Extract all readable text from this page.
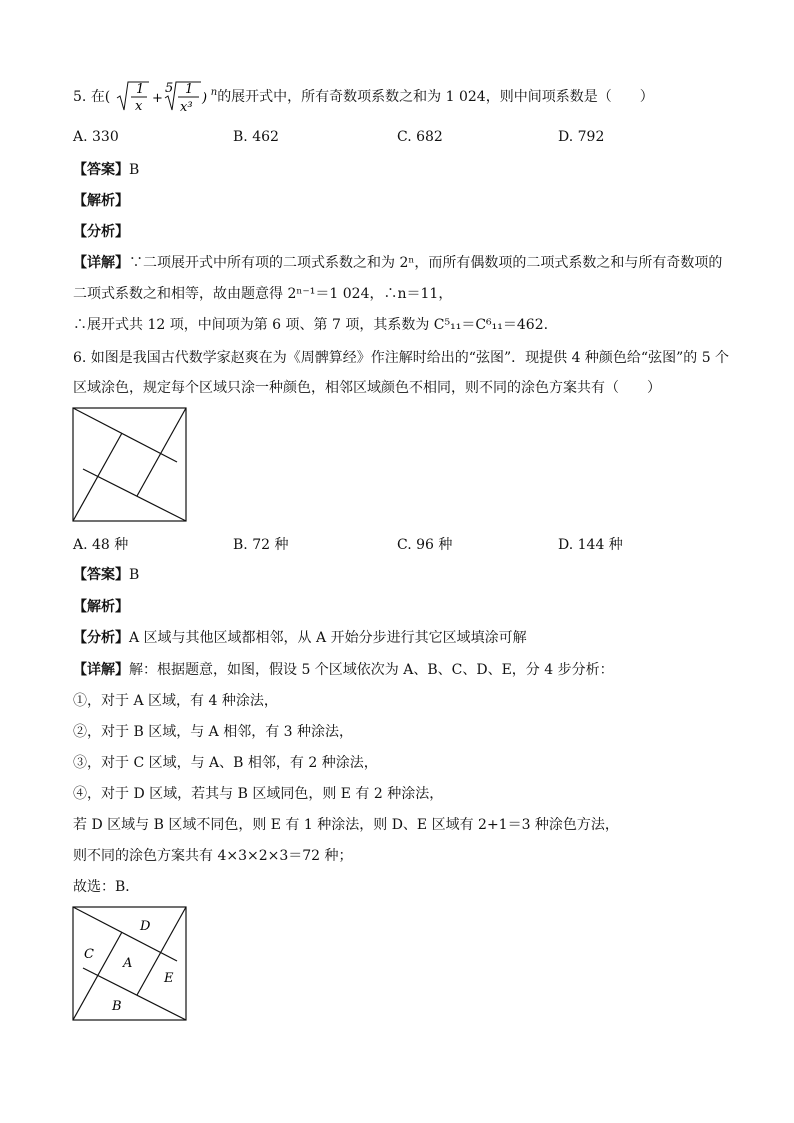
5. 在( 1
x
+
5 1
x³
) $^n$的展开式中，所有奇数项系数之和为 1 024，则中间项系数是（　　）
A. 330	B. 462	C. 682	D. 792
【答案】B
【解析】
【分析】
【详解】∵二项展开式中所有项的二项式系数之和为 2ⁿ，而所有偶数项的二项式系数之和与所有奇数项的
二项式系数之和相等，故由题意得 2ⁿ⁻¹＝1 024，∴n＝11，
∴展开式共 12 项，中间项为第 6 项、第 7 项，其系数为 C⁵₁₁＝C⁶₁₁＝462.
6. 如图是我国古代数学家赵爽在为《周髀算经》作注解时给出的“弦图”．现提供 4 种颜色给“弦图”的 5 个
区域涂色，规定每个区域只涂一种颜色，相邻区域颜色不相同，则不同的涂色方案共有（　　）
A. 48 种	B. 72 种	C. 96 种	D. 144 种
【答案】B
【解析】
【分析】A 区域与其他区域都相邻，从 A 开始分步进行其它区域填涂可解
【详解】解：根据题意，如图，假设 5 个区域依次为 A、B、C、D、E，分 4 步分析：
①，对于 A 区域，有 4 种涂法，
②，对于 B 区域，与 A 相邻，有 3 种涂法，
③，对于 C 区域，与 A、B 相邻，有 2 种涂法，
④，对于 D 区域，若其与 B 区域同色，则 E 有 2 种涂法，
若 D 区域与 B 区域不同色，则 E 有 1 种涂法，则 D、E 区域有 2+1＝3 种涂色方法，
则不同的涂色方案共有 4×3×2×3＝72 种；
故选：B．
D
C
A
E
B
